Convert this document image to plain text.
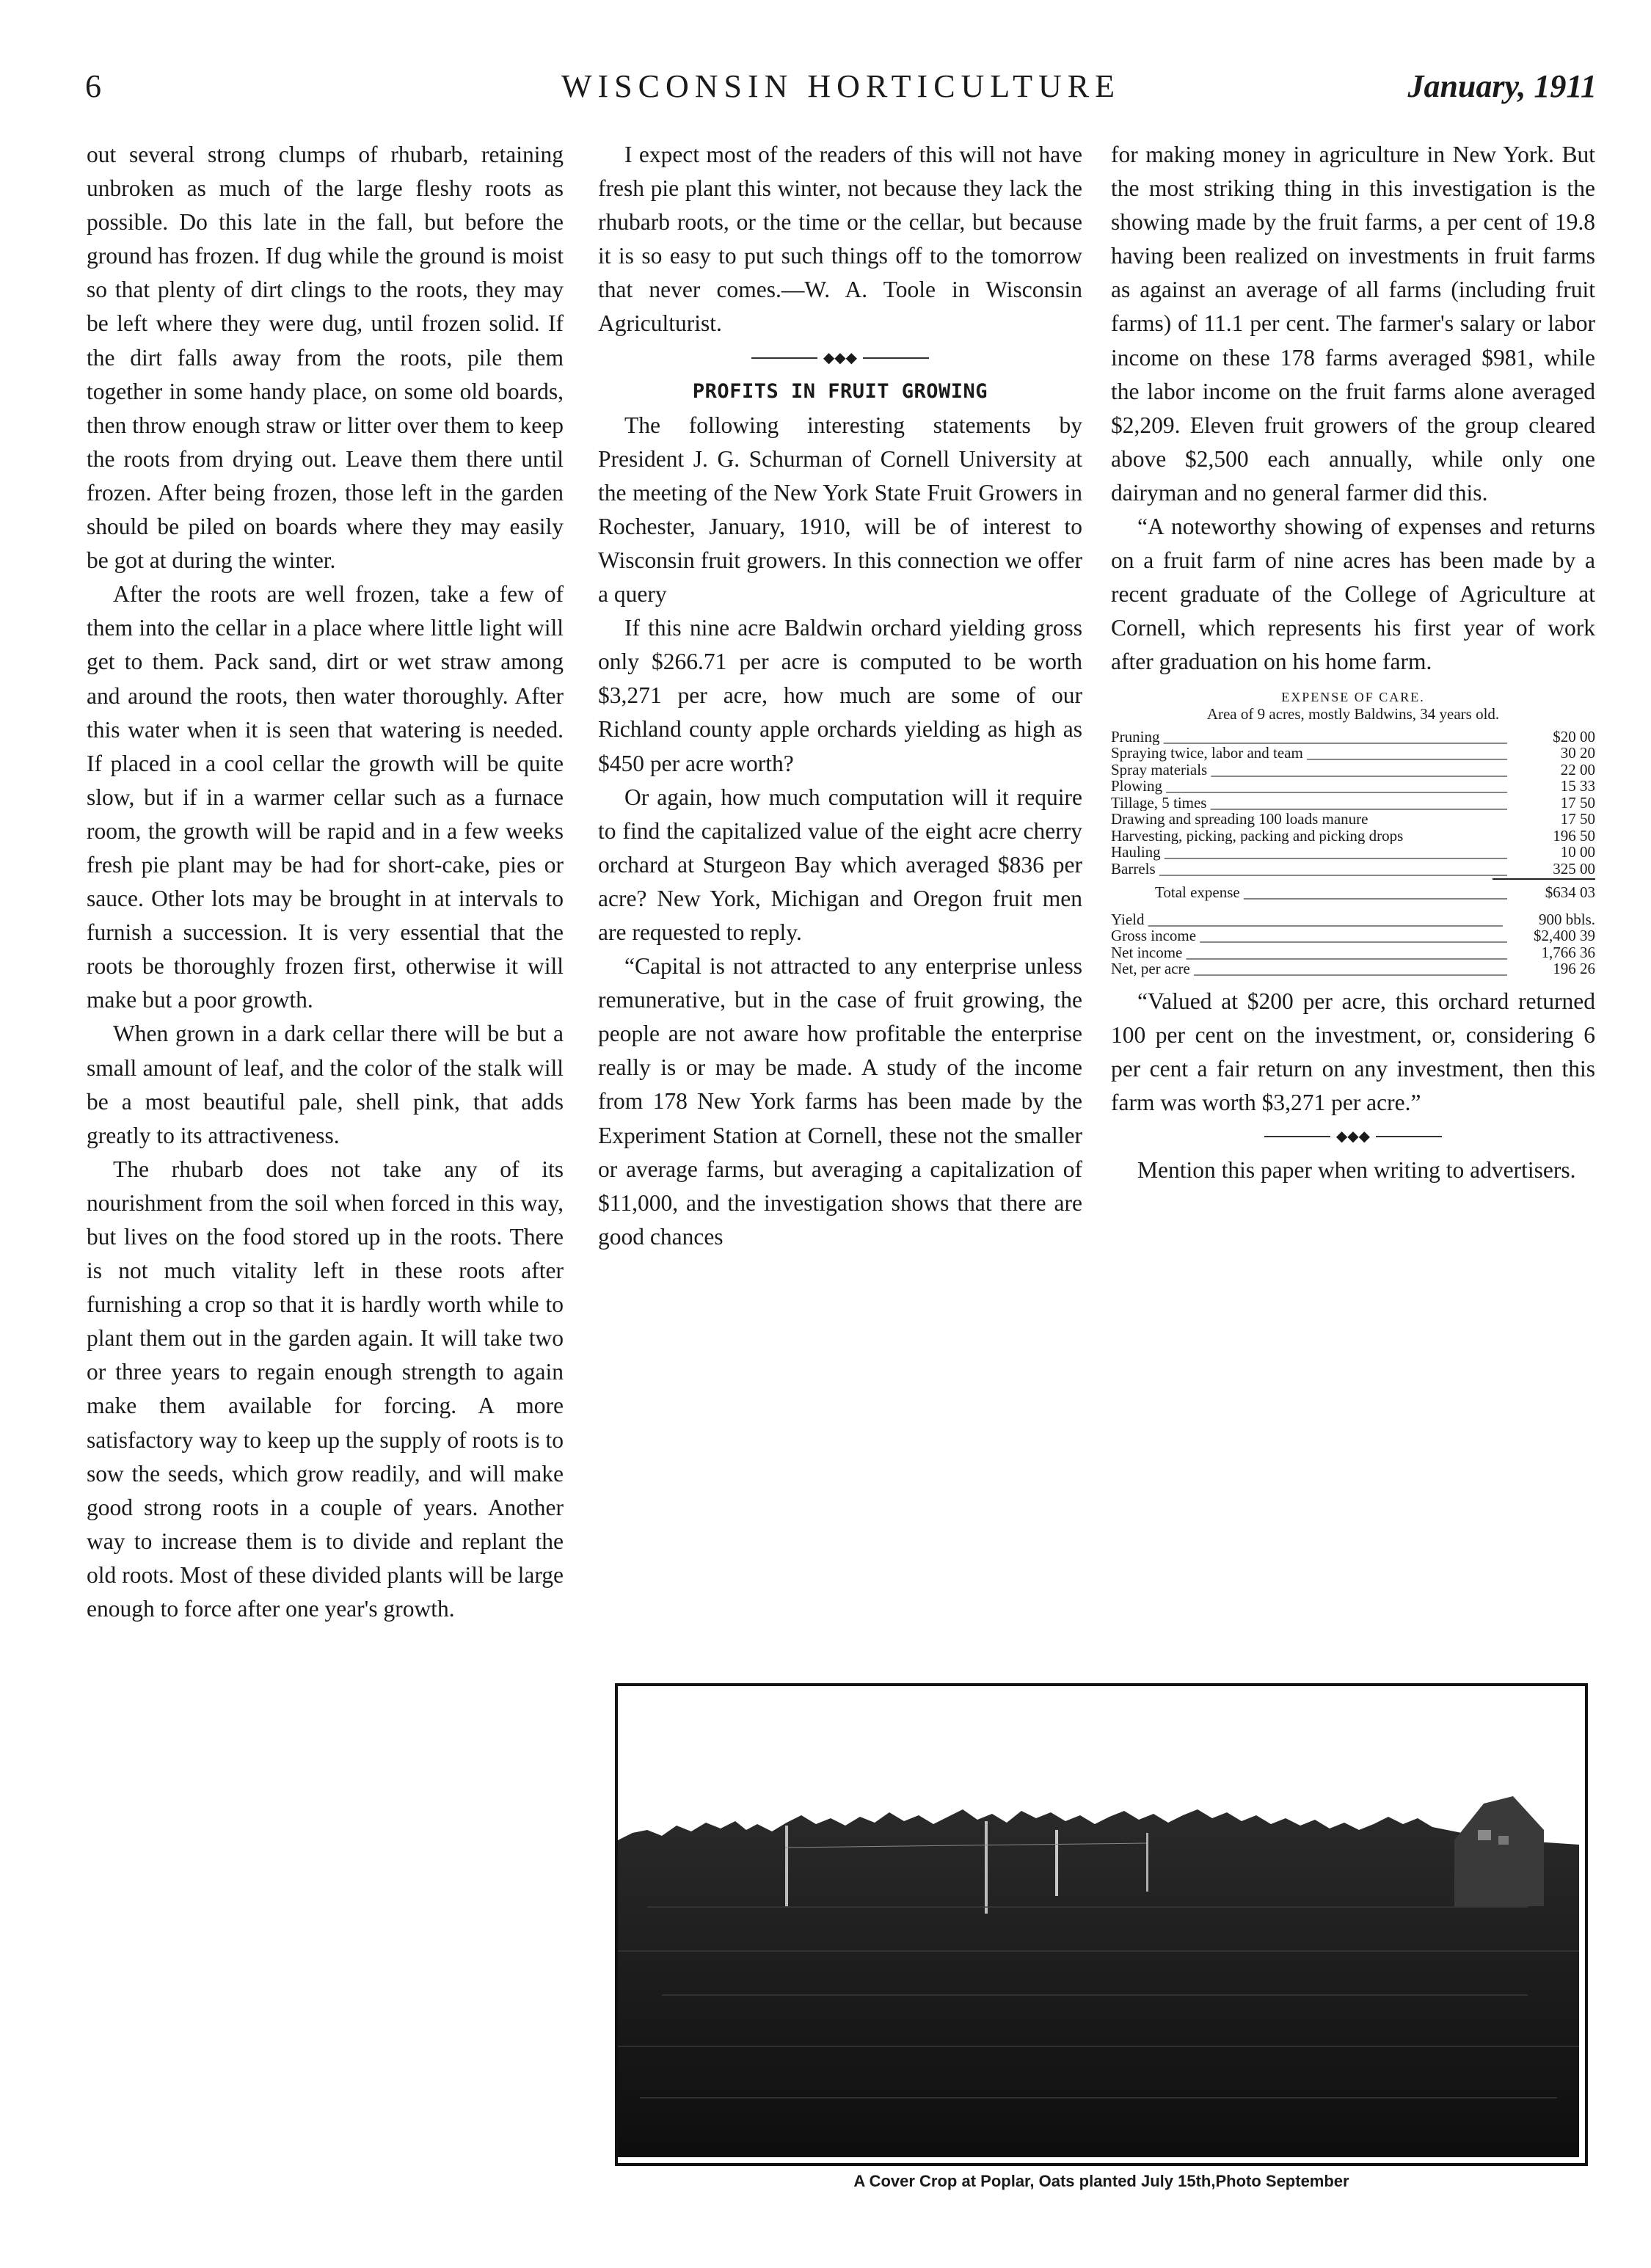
6	WISCONSIN HORTICULTURE	January, 1911

out several strong clumps of rhubarb, retaining unbroken as much of the large fleshy roots as possible. Do this late in the fall, but before the ground has frozen. If dug while the ground is moist so that plenty of dirt clings to the roots, they may be left where they were dug, until frozen solid. If the dirt falls away from the roots, pile them together in some handy place, on some old boards, then throw enough straw or litter over them to keep the roots from drying out. Leave them there until frozen. After being frozen, those left in the garden should be piled on boards where they may easily be got at during the winter.

After the roots are well frozen, take a few of them into the cellar in a place where little light will get to them. Pack sand, dirt or wet straw among and around the roots, then water thoroughly. After this water when it is seen that watering is needed. If placed in a cool cellar the growth will be quite slow, but if in a warmer cellar such as a furnace room, the growth will be rapid and in a few weeks fresh pie plant may be had for short-cake, pies or sauce. Other lots may be brought in at intervals to furnish a succession. It is very essential that the roots be thoroughly frozen first, otherwise it will make but a poor growth.

When grown in a dark cellar there will be but a small amount of leaf, and the color of the stalk will be a most beautiful pale, shell pink, that adds greatly to its attractiveness.

The rhubarb does not take any of its nourishment from the soil when forced in this way, but lives on the food stored up in the roots. There is not much vitality left in these roots after furnishing a crop so that it is hardly worth while to plant them out in the garden again. It will take two or three years to regain enough strength to again make them available for forcing. A more satisfactory way to keep up the supply of roots is to sow the seeds, which grow readily, and will make good strong roots in a couple of years. Another way to increase them is to divide and replant the old roots. Most of these divided plants will be large enough to force after one year's growth.

I expect most of the readers of this will not have fresh pie plant this winter, not because they lack the rhubarb roots, or the time or the cellar, but because it is so easy to put such things off to the tomorrow that never comes.—W. A. Toole in Wisconsin Agriculturist.

◆◆◆
PROFITS IN FRUIT GROWING

The following interesting statements by President J. G. Schurman of Cornell University at the meeting of the New York State Fruit Growers in Rochester, January, 1910, will be of interest to Wisconsin fruit growers. In this connection we offer a query

If this nine acre Baldwin orchard yielding gross only $266.71 per acre is computed to be worth $3,271 per acre, how much are some of our Richland county apple orchards yielding as high as $450 per acre worth?

Or again, how much computation will it require to find the capitalized value of the eight acre cherry orchard at Sturgeon Bay which averaged $836 per acre? New York, Michigan and Oregon fruit men are requested to reply.

“Capital is not attracted to any enterprise unless remunerative, but in the case of fruit growing, the people are not aware how profitable the enterprise really is or may be made. A study of the income from 178 New York farms has been made by the Experiment Station at Cornell, these not the smaller or average farms, but averaging a capitalization of $11,000, and the investigation shows that there are good chances

for making money in agriculture in New York. But the most striking thing in this investigation is the showing made by the fruit farms, a per cent of 19.8 having been realized on investments in fruit farms as against an average of all farms (including fruit farms) of 11.1 per cent. The farmer's salary or labor income on these 178 farms averaged $981, while the labor income on the fruit farms alone averaged $2,209. Eleven fruit growers of the group cleared above $2,500 each annually, while only one dairyman and no general farmer did this.

“A noteworthy showing of expenses and returns on a fruit farm of nine acres has been made by a recent graduate of the College of Agriculture at Cornell, which represents his first year of work after graduation on his home farm.

EXPENSE OF CARE.
Area of 9 acres, mostly Baldwins, 34 years old.
Pruning _____	$20 00
Spraying twice, labor and team _____	30 20
Spray materials _____	22 00
Plowing _____	15 33
Tillage, 5 times _____	17 50
Drawing and spreading 100 loads manure	17 50
Harvesting, picking, packing and picking drops	196 50
Hauling _____	10 00
Barrels _____	325 00
Total expense _____	$634 03
Yield _____	900 bbls.
Gross income _____	$2,400 39
Net income _____	1,766 36
Net, per acre _____	196 26

“Valued at $200 per acre, this orchard returned 100 per cent on the investment, or, considering 6 per cent a fair return on any investment, then this farm was worth $3,271 per acre.”

◆◆◆

Mention this paper when writing to advertisers.

A Cover Crop at Poplar, Oats planted July 15th,Photo September
